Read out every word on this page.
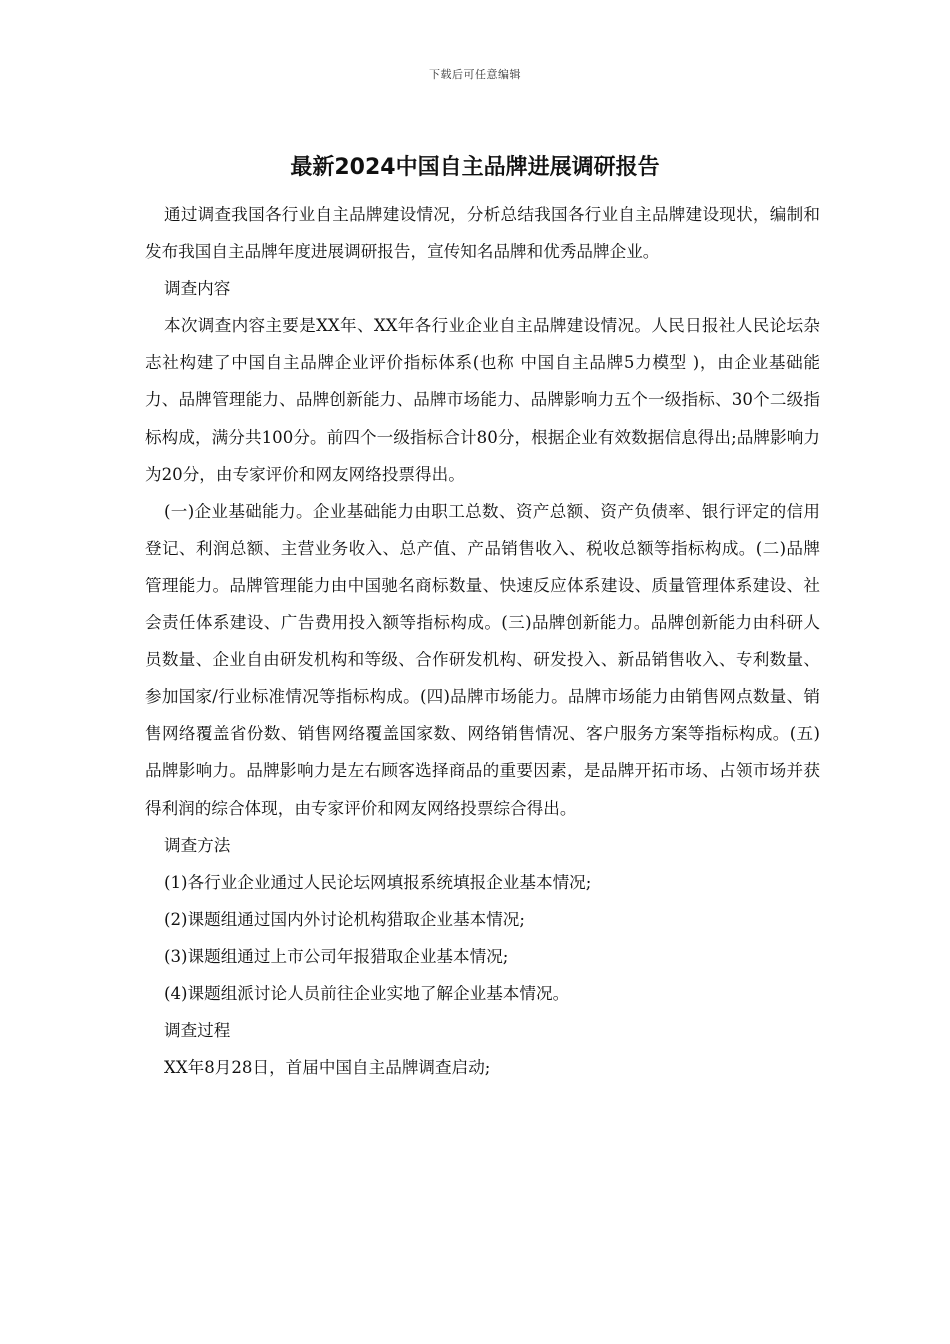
下载后可任意编辑
最新2024中国自主品牌进展调研报告

通过调查我国各行业自主品牌建设情况，分析总结我国各行业自主品牌建设现状，编制和发布我国自主品牌年度进展调研报告，宣传知名品牌和优秀品牌企业。

调查内容

本次调查内容主要是XX年、XX年各行业企业自主品牌建设情况。人民日报社人民论坛杂志社构建了中国自主品牌企业评价指标体系(也称 中国自主品牌5力模型 )，由企业基础能力、品牌管理能力、品牌创新能力、品牌市场能力、品牌影响力五个一级指标、30个二级指标构成，满分共100分。前四个一级指标合计80分，根据企业有效数据信息得出;品牌影响力为20分，由专家评价和网友网络投票得出。

(一)企业基础能力。企业基础能力由职工总数、资产总额、资产负债率、银行评定的信用登记、利润总额、主营业务收入、总产值、产品销售收入、税收总额等指标构成。(二)品牌管理能力。品牌管理能力由中国驰名商标数量、快速反应体系建设、质量管理体系建设、社会责任体系建设、广告费用投入额等指标构成。(三)品牌创新能力。品牌创新能力由科研人员数量、企业自由研发机构和等级、合作研发机构、研发投入、新品销售收入、专利数量、参加国家/行业标准情况等指标构成。(四)品牌市场能力。品牌市场能力由销售网点数量、销售网络覆盖省份数、销售网络覆盖国家数、网络销售情况、客户服务方案等指标构成。(五)品牌影响力。品牌影响力是左右顾客选择商品的重要因素，是品牌开拓市场、占领市场并获得利润的综合体现，由专家评价和网友网络投票综合得出。

调查方法

(1)各行业企业通过人民论坛网填报系统填报企业基本情况;

(2)课题组通过国内外讨论机构猎取企业基本情况;

(3)课题组通过上市公司年报猎取企业基本情况;

(4)课题组派讨论人员前往企业实地了解企业基本情况。

调查过程

XX年8月28日，首届中国自主品牌调查启动;
